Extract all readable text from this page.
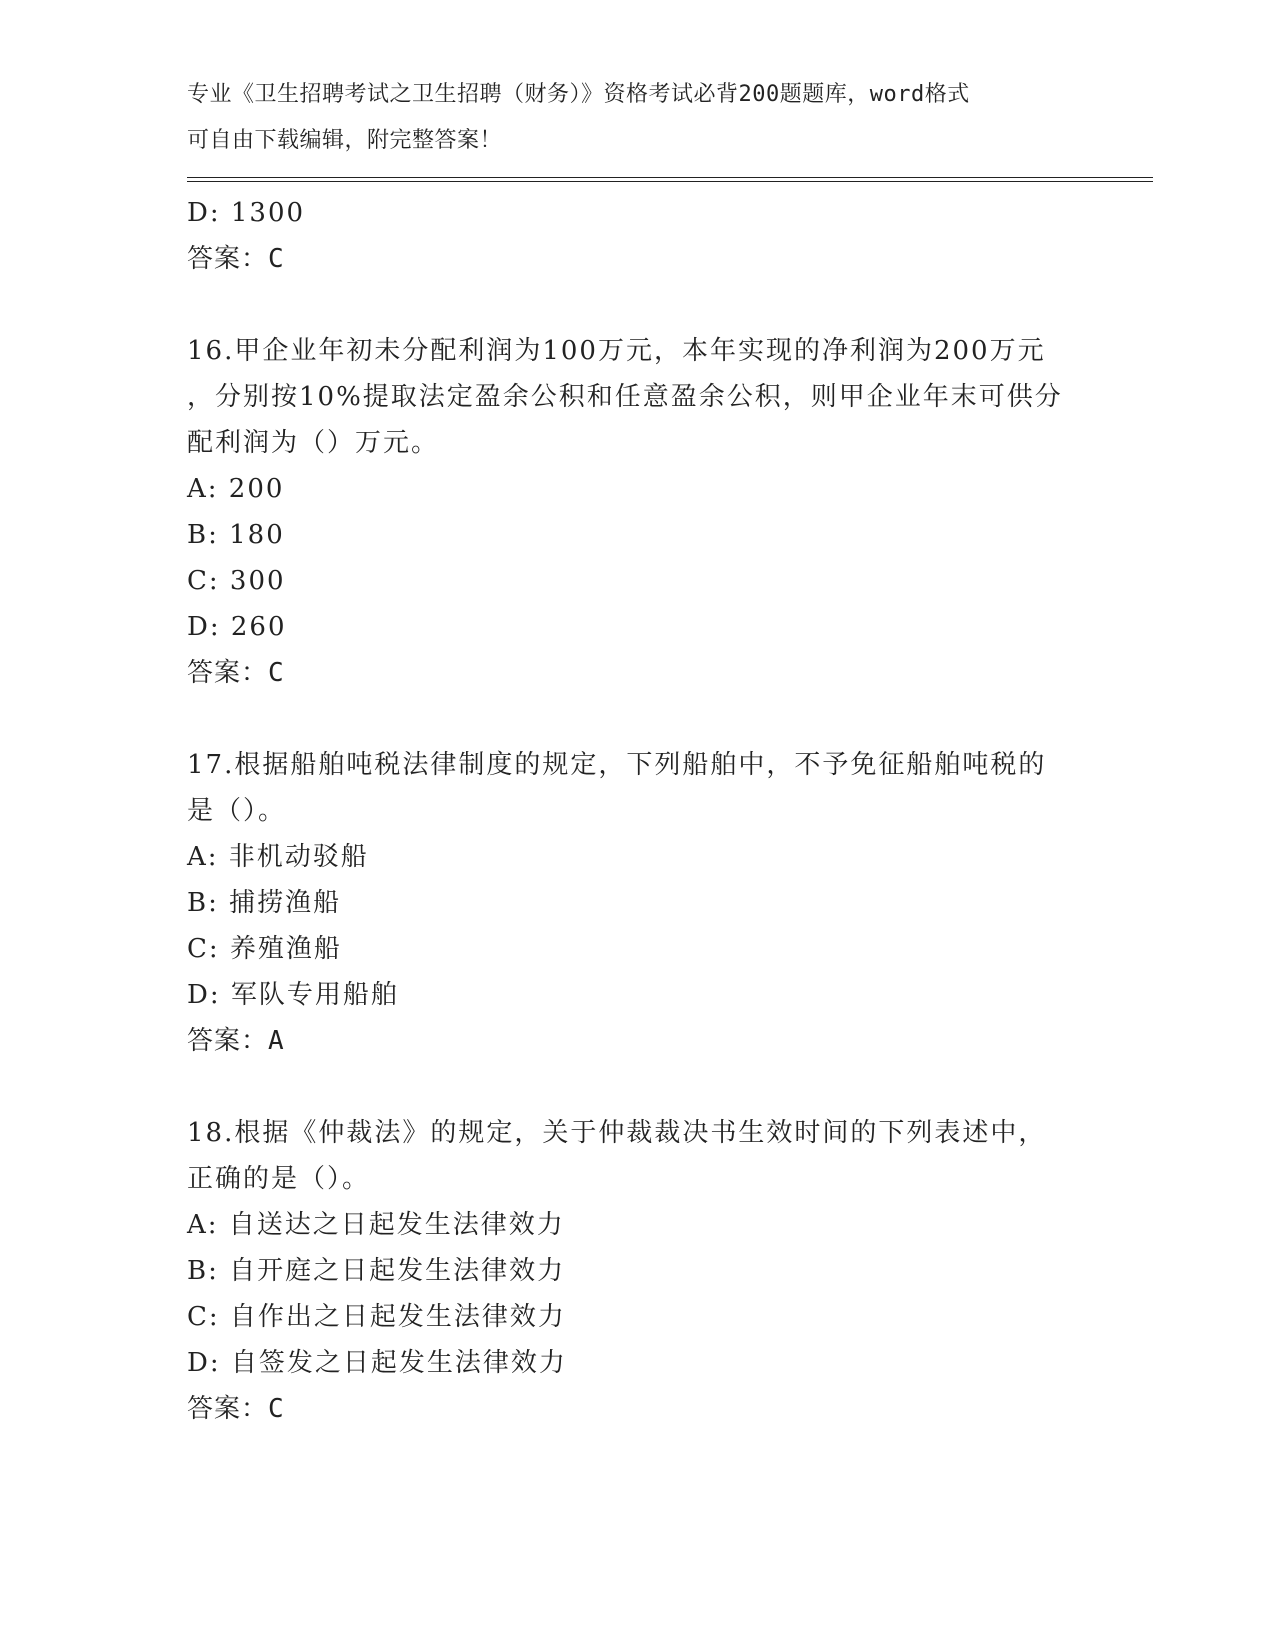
专业《卫生招聘考试之卫生招聘（财务）》资格考试必背200题题库，word格式
可自由下载编辑，附完整答案！
D: 1300
答案：C
16.甲企业年初未分配利润为100万元，本年实现的净利润为200万元
，分别按10%提取法定盈余公积和任意盈余公积，则甲企业年末可供分
配利润为（）万元。
A: 200
B: 180
C: 300
D: 260
答案：C
17.根据船舶吨税法律制度的规定，下列船舶中，不予免征船舶吨税的
是（）。
A: 非机动驳船
B: 捕捞渔船
C: 养殖渔船
D: 军队专用船舶
答案：A
18.根据《仲裁法》的规定，关于仲裁裁决书生效时间的下列表述中，
正确的是（）。
A: 自送达之日起发生法律效力
B: 自开庭之日起发生法律效力
C: 自作出之日起发生法律效力
D: 自签发之日起发生法律效力
答案：C
